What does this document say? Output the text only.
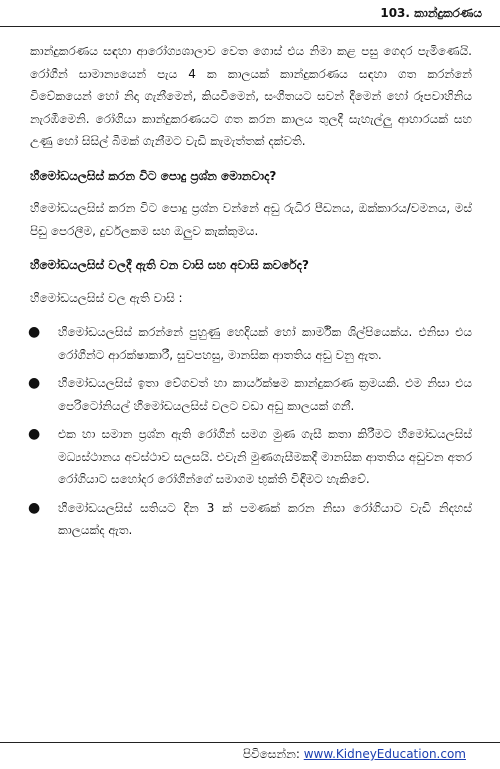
103. කාන්දුකරණය

කාන්දුකරණය සඳහා ආරෝග්‍යශාලාව වෙත ගොස් එය නිමා කළ පසු ගෙදර පැමිණෙයි. රෝගීන් සාමාන්‍යයෙන් පැය 4 ක කාලයක් කාන්දුකරණය සඳහා ගත කරන්නේ විවේකයෙන් හෝ නිදා ගැනීමෙන්, කියවීමෙන්, සංගීතයට සවන් දීමෙන් හෝ රූපවාහිනිය නැරඹීමෙනි. රෝගියා කාන්දුකරණයට ගත කරන කාලය තුලදී සැහැල්ලු ආහාරයක් සහ උණු හෝ සිසිල් බීමක් ගැනීමට වැඩි කැමැත්තක් දක්වති.

හීමෝඩයලසිස් කරන විට පොදු ප්‍රශ්න මොනවාද?

හීමෝඩයලසිස් කරන විට පොදු ප්‍රශ්න වන්නේ අඩු රුධිර පීඩනය, ඔක්කාරය/වමනය, මස් පිඩු පෙරලීම, දුර්වලකම සහ ඔලුව කැක්කුමය.

හීමෝඩයලසිස් වලදී ඇති වන වාසි සහ අවාසි කවරේද?

හීමෝඩයලසිස් වල ඇති වාසි :

● හීමෝඩයලසිස් කරන්නේ පුහුණු හෙදියක් හෝ කාර්මික ශිල්පියෙක්ය. එනිසා එය රෝගීන්ට ආරක්ෂාකාරී, සුවපහසු, මානසික ආතතිය අඩු වනු ඇත.
● හීමෝඩයලසිස් ඉතා වේගවත් හා කාර්යක්ෂම කාන්දුකරණ ක්‍රමයකි. එම නිසා එය පෙරිටෝනියල් හීමෝඩයලසිස් වලට වඩා අඩු කාලයක් ගනී.
● එක හා සමාන ප්‍රශ්න ඇති රෝගීන් සමග මුණ ගැසී කතා කිරීමට හීමෝඩයලසිස් මධ්‍යස්ථානය අවස්ථාව සලසයි. එවැනි මුණගැසීමකදී මානසික ආතතිය අඩුවන අතර රෝගියාට සහෝදර රෝගීන්ගේ සමාගම භුක්ති විඳීමට හැකිවේ.
● හීමෝඩයලසිස් සතියට දින 3 ක් පමණක් කරන නිසා රෝගියාට වැඩි නිදහස් කාලයක්ද ඇත.
පිවිසෙන්න: www.KidneyEducation.com
